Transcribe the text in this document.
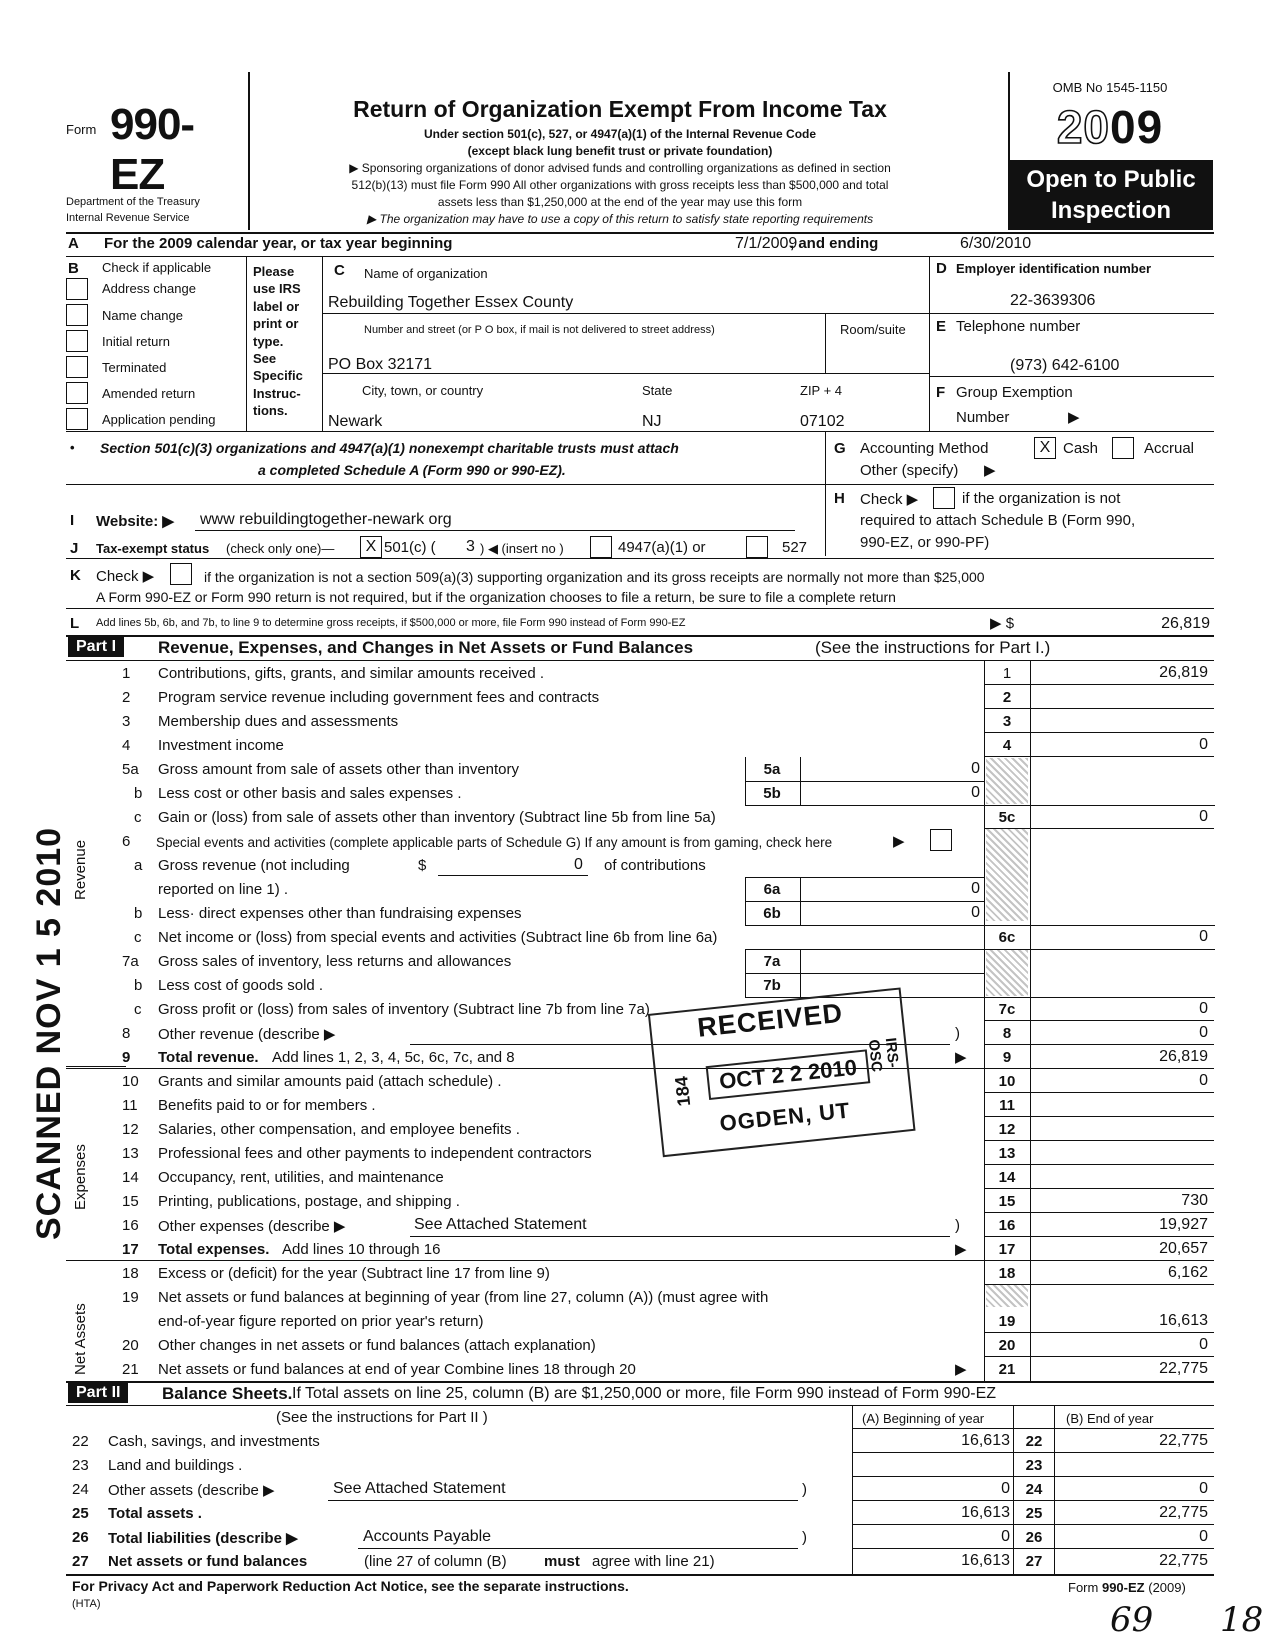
Form 990-EZ
Department of the Treasury
Internal Revenue Service
Return of Organization Exempt From Income Tax
Under section 501(c), 527, or 4947(a)(1) of the Internal Revenue Code
(except black lung benefit trust or private foundation)
▶ Sponsoring organizations of donor advised funds and controlling organizations as defined in section
512(b)(13) must file Form 990 All other organizations with gross receipts less than $500,000 and total
assets less than $1,250,000 at the end of the year may use this form
▶ The organization may have to use a copy of this return to satisfy state reporting requirements
OMB No 1545-1150
2009
Open to Public
Inspection
A For the 2009 calendar year, or tax year beginning	7/1/2009
, and ending	6/30/2010
B Check if applicable
Address change
Name change
Initial return
Terminated
Amended return
Application pending
Please
use IRS
label or
print or
type.
See
Specific
Instruc-
tions.
C Name of organization
Rebuilding Together Essex County
Number and street (or P O box, if mail is not delivered to street address)	Room/suite
PO Box 32171
City, town, or country	State	ZIP + 4
Newark	NJ	07102
D Employer identification number
22-3639306
E Telephone number
(973) 642-6100
F Group Exemption
Number	▶
• Section 501(c)(3) organizations and 4947(a)(1) nonexempt charitable trusts must attach
a completed Schedule A (Form 990 or 990-EZ).
G Accounting Method	X Cash	Accrual
Other (specify) ▶
H Check ▶	if the organization is not
required to attach Schedule B (Form 990,
990-EZ, or 990-PF)
I Website: ▶ www rebuildingtogether-newark org
J Tax-exempt status (check only one)—	X 501(c) ( 3 ) ◀ (insert no )	4947(a)(1) or	527
K Check ▶	if the organization is not a section 509(a)(3) supporting organization and its gross receipts are normally not more than $25,000
A Form 990-EZ or Form 990 return is not required, but if the organization chooses to file a return, be sure to file a complete return
L Add lines 5b, 6b, and 7b, to line 9 to determine gross receipts, if $500,000 or more, file Form 990 instead of Form 990-EZ	▶ $	26,819
Part I	Revenue, Expenses, and Changes in Net Assets or Fund Balances	(See the instructions for Part I.)
Revenue
Expenses
Net Assets
1 Contributions, gifts, grants, and similar amounts received .	1	26,819
2 Program service revenue including government fees and contracts	2
3 Membership dues and assessments	3
4 Investment income	4	0
5a Gross amount from sale of assets other than inventory	5a	0
b Less cost or other basis and sales expenses .	5b	0
c Gain or (loss) from sale of assets other than inventory (Subtract line 5b from line 5a)	5c	0
6 Special events and activities (complete applicable parts of Schedule G) If any amount is from gaming, check here	▶
a Gross revenue (not including	$	0 of contributions
reported on line 1) .	6a	0
b Less· direct expenses other than fundraising expenses	6b	0
c Net income or (loss) from special events and activities (Subtract line 6b from line 6a)	6c	0
7a Gross sales of inventory, less returns and allowances	7a
b Less cost of goods sold .	7b
c Gross profit or (loss) from sales of inventory (Subtract line 7b from line 7a)	7c	0
8 Other revenue (describe ▶	)	8	0
9 Total revenue. Add lines 1, 2, 3, 4, 5c, 6c, 7c, and 8	▶	9	26,819
10 Grants and similar amounts paid (attach schedule) .	10	0
11 Benefits paid to or for members .	11
12 Salaries, other compensation, and employee benefits .	12
13 Professional fees and other payments to independent contractors	13
14 Occupancy, rent, utilities, and maintenance	14
15 Printing, publications, postage, and shipping .	15	730
16 Other expenses (describe ▶	See Attached Statement	)	16	19,927
17 Total expenses. Add lines 10 through 16	▶	17	20,657
18 Excess or (deficit) for the year (Subtract line 17 from line 9)	18	6,162
19 Net assets or fund balances at beginning of year (from line 27, column (A)) (must agree with
end-of-year figure reported on prior year's return)	19	16,613
20 Other changes in net assets or fund balances (attach explanation)	20	0
21 Net assets or fund balances at end of year Combine lines 18 through 20	▶	21	22,775
Part II	Balance Sheets. If Total assets on line 25, column (B) are $1,250,000 or more, file Form 990 instead of Form 990-EZ
(See the instructions for Part II )	(A) Beginning of year	(B) End of year
22 Cash, savings, and investments	16,613	22	22,775
23 Land and buildings .	23
24 Other assets (describe ▶	See Attached Statement	)	0	24	0
25 Total assets .	16,613	25	22,775
26 Total liabilities (describe ▶	Accounts Payable	)	0	26	0
27 Net assets or fund balances	(line 27 of column (B) must agree with line 21)	16,613	27	22,775
For Privacy Act and Paperwork Reduction Act Notice, see the separate instructions.
(HTA)
Form 990-EZ (2009)
69 18
RECEIVED
OCT 2 2 2010
OGDEN, UT
184
IRS-OSC
SCANNED NOV 1 5 2010
